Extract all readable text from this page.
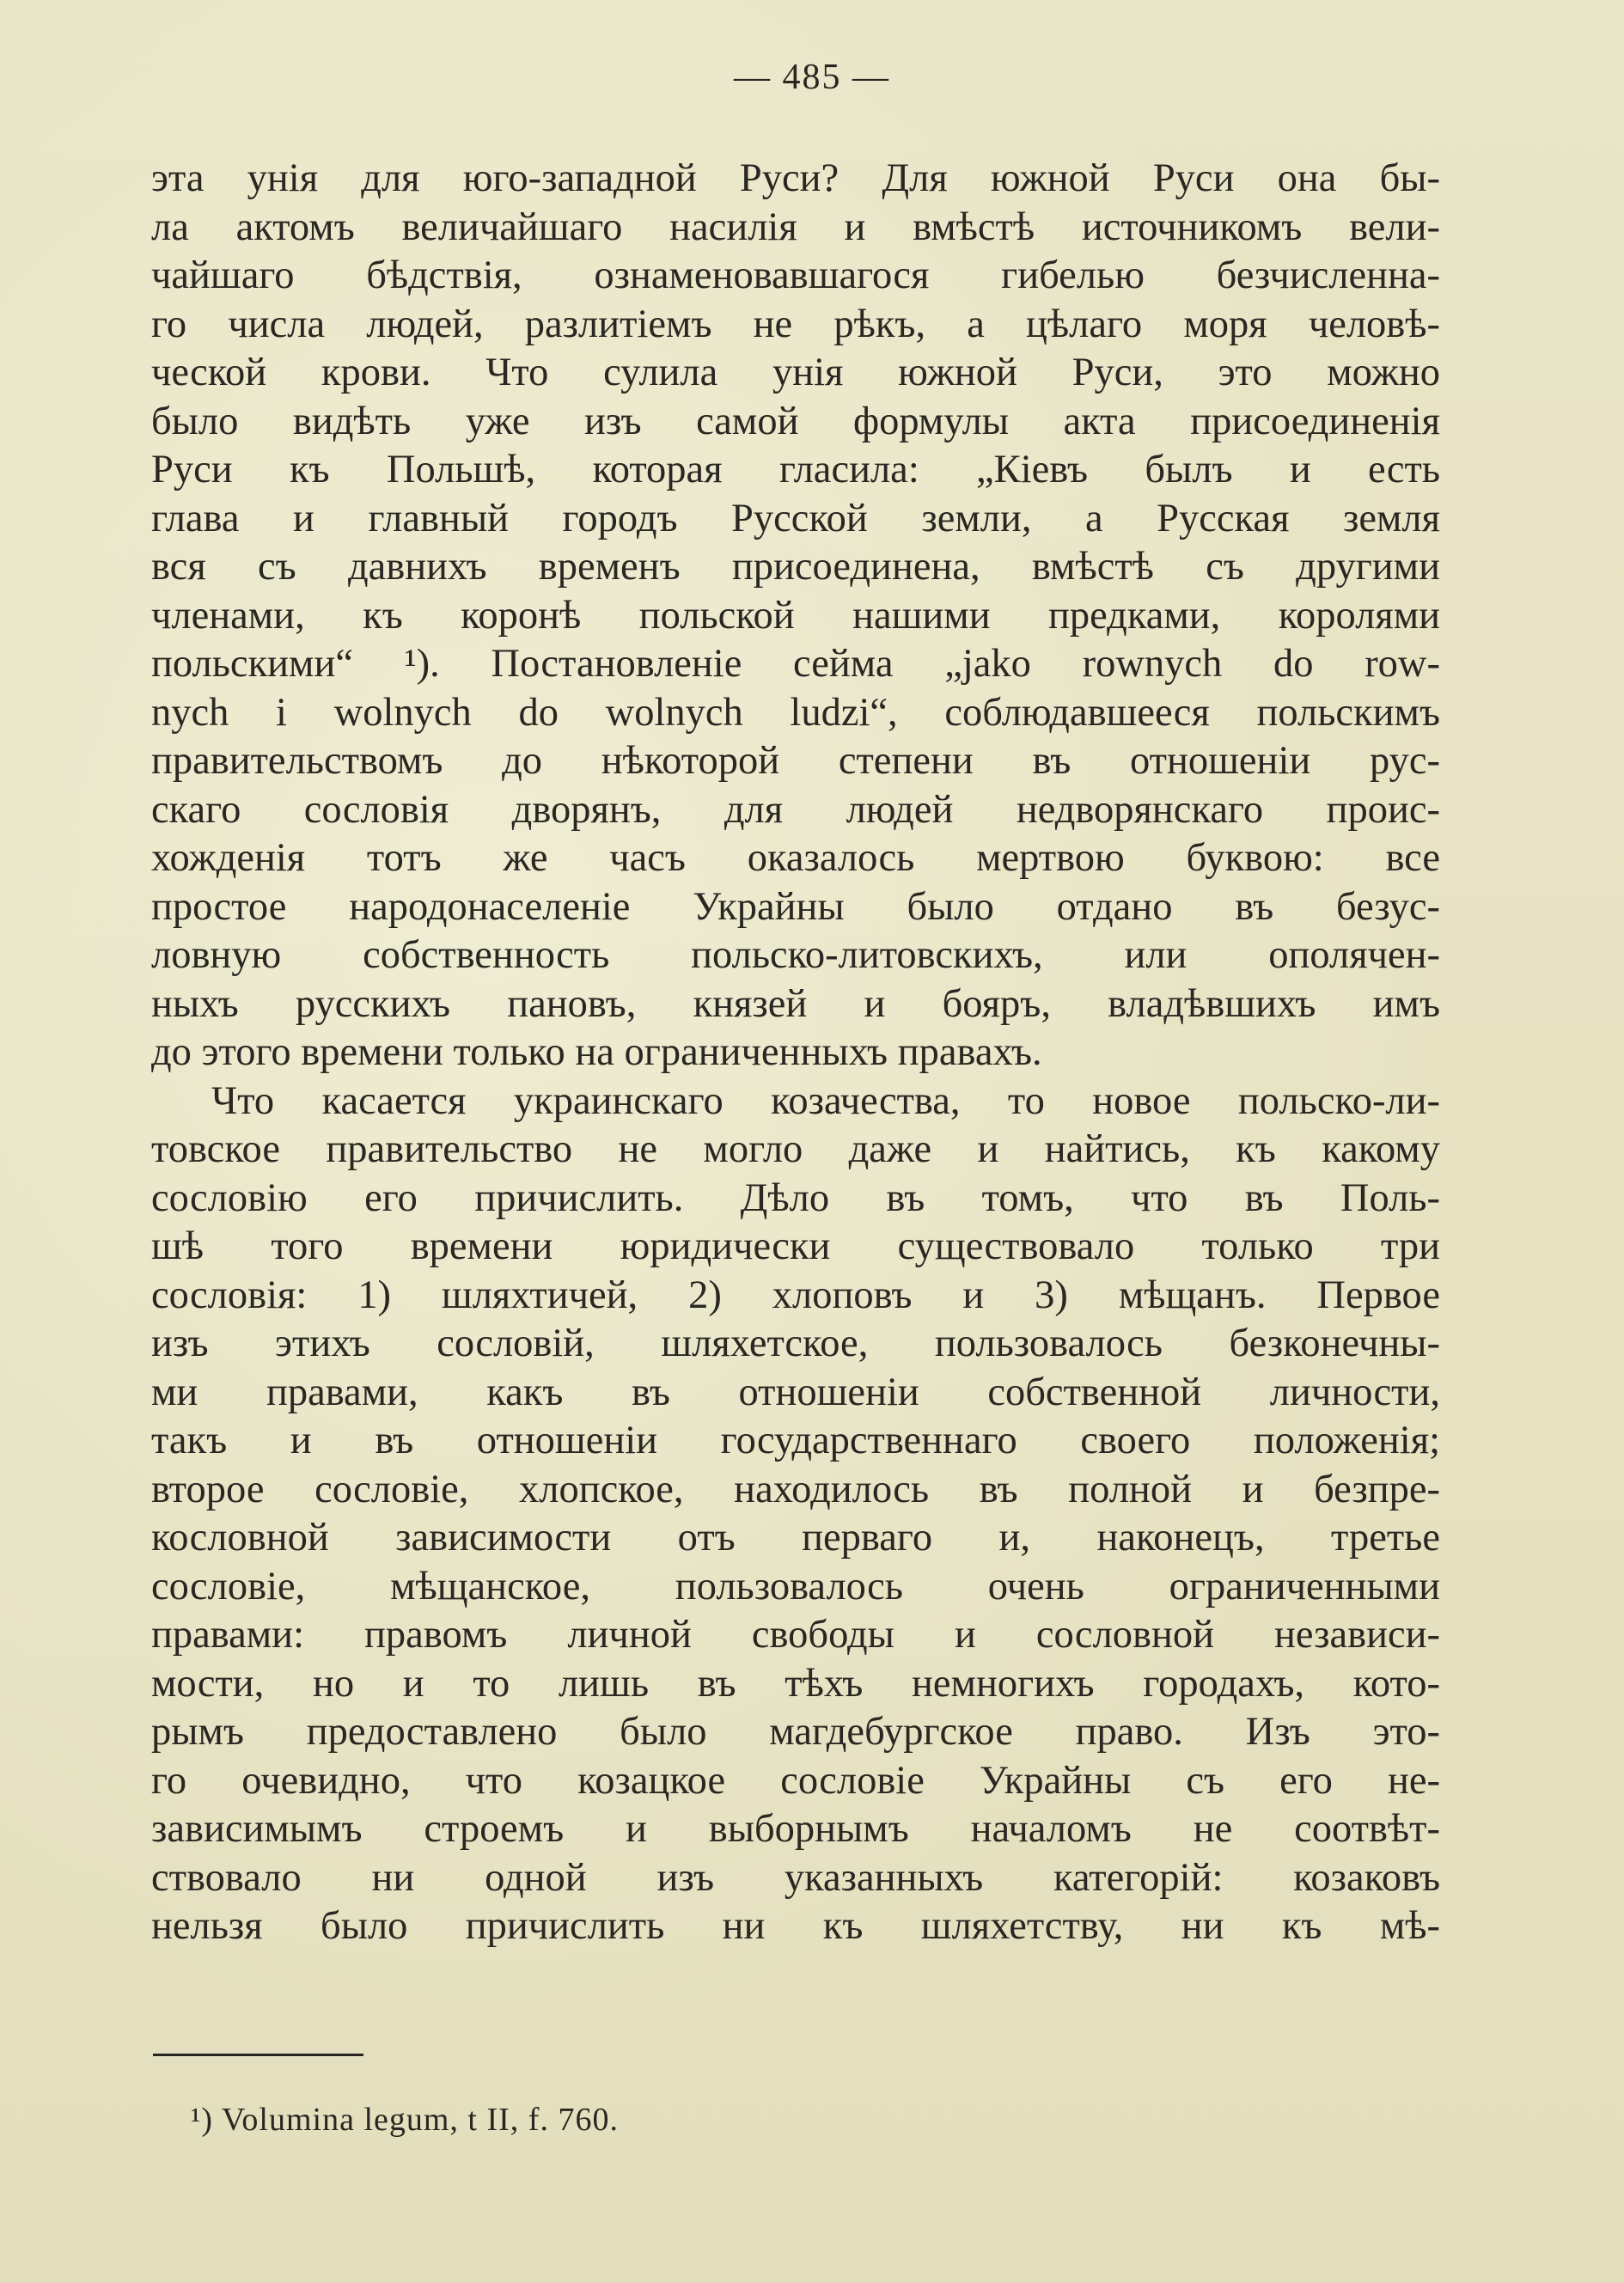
— 485 —
эта унія для юго-западной Руси? Для южной Руси она бы-
ла актомъ величайшаго насилія и вмѣстѣ источникомъ вели-
чайшаго бѣдствія, ознаменовавшагося гибелью безчисленна-
го числа людей, разлитіемъ не рѣкъ, а цѣлаго моря человѣ-
ческой крови. Что сулила унія южной Руси, это можно
было видѣть уже изъ самой формулы акта присоединенія
Руси къ Польшѣ, которая гласила: „Кіевъ былъ и есть
глава и главный городъ Русской земли, а Русская земля
вся съ давнихъ временъ присоединена, вмѣстѣ съ другими
членами, къ коронѣ польской нашими предками, королями
польскими“ ¹). Постановленіе сейма „jako rownych do row-
nych i wolnych do wolnych ludzi“, соблюдавшееся польскимъ
правительствомъ до нѣкоторой степени въ отношеніи рус-
скаго сословія дворянъ, для людей недворянскаго проис-
хожденія тотъ же часъ оказалось мертвою буквою: все
простое народонаселеніе Украйны было отдано въ безус-
ловную собственность польско-литовскихъ, или ополячен-
ныхъ русскихъ пановъ, князей и бояръ, владѣвшихъ имъ
до этого времени только на ограниченныхъ правахъ.
Что касается украинскаго козачества, то новое польско-ли-
товское правительство не могло даже и найтись, къ какому
сословію его причислить. Дѣло въ томъ, что въ Поль-
шѣ того времени юридически существовало только три
сословія: 1) шляхтичей, 2) хлоповъ и 3) мѣщанъ. Первое
изъ этихъ сословій, шляхетское, пользовалось безконечны-
ми правами, какъ въ отношеніи собственной личности,
такъ и въ отношеніи государственнаго своего положенія;
второе сословіе, хлопское, находилось въ полной и безпре-
кословной зависимости отъ перваго и, наконецъ, третье
сословіе, мѣщанское, пользовалось очень ограниченными
правами: правомъ личной свободы и сословной независи-
мости, но и то лишь въ тѣхъ немногихъ городахъ, кото-
рымъ предоставлено было магдебургское право. Изъ это-
го очевидно, что козацкое сословіе Украйны съ его не-
зависимымъ строемъ и выборнымъ началомъ не соотвѣт-
ствовало ни одной изъ указанныхъ категорій: козаковъ
нельзя было причислить ни къ шляхетству, ни къ мѣ-
¹) Volumina legum, t II, f. 760.
